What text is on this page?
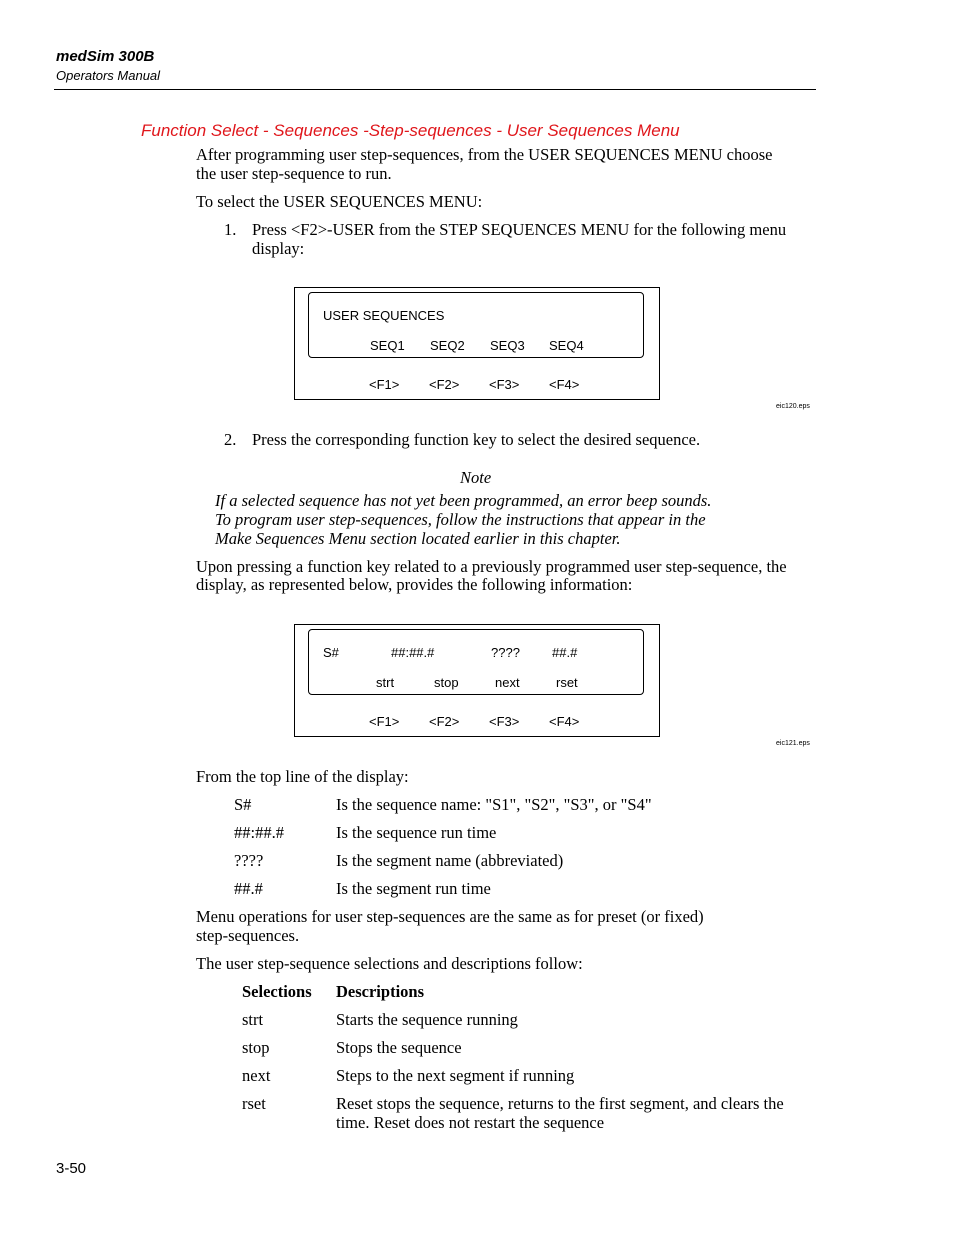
medSim 300B
Operators Manual
Function Select - Sequences -Step-sequences - User Sequences Menu
After programming user step-sequences, from the USER SEQUENCES MENU choose
the user step-sequence to run.
To select the USER SEQUENCES MENU:
1. Press <F2>-USER from the STEP SEQUENCES MENU for the following menu
display:
USER SEQUENCES
SEQ1 SEQ2 SEQ3 SEQ4
<F1> <F2> <F3> <F4>
eic120.eps
2. Press the corresponding function key to select the desired sequence.
Note
If a selected sequence has not yet been programmed, an error beep sounds.
To program user step-sequences, follow the instructions that appear in the
Make Sequences Menu section located earlier in this chapter.
Upon pressing a function key related to a previously programmed user step-sequence, the
display, as represented below, provides the following information:
S#	##:##.#	???? ##.#
strt	stop	next	rset
<F1> <F2> <F3> <F4>
eic121.eps
From the top line of the display:
S#	Is the sequence name: "S1", "S2", "S3", or "S4"
##:##.#	Is the sequence run time
????	Is the segment name (abbreviated)
##.#	Is the segment run time
Menu operations for user step-sequences are the same as for preset (or fixed)
step-sequences.
The user step-sequence selections and descriptions follow:
Selections Descriptions
strt	Starts the sequence running
stop	Stops the sequence
next	Steps to the next segment if running
rset	Reset stops the sequence, returns to the first segment, and clears the
time. Reset does not restart the sequence
3-50
